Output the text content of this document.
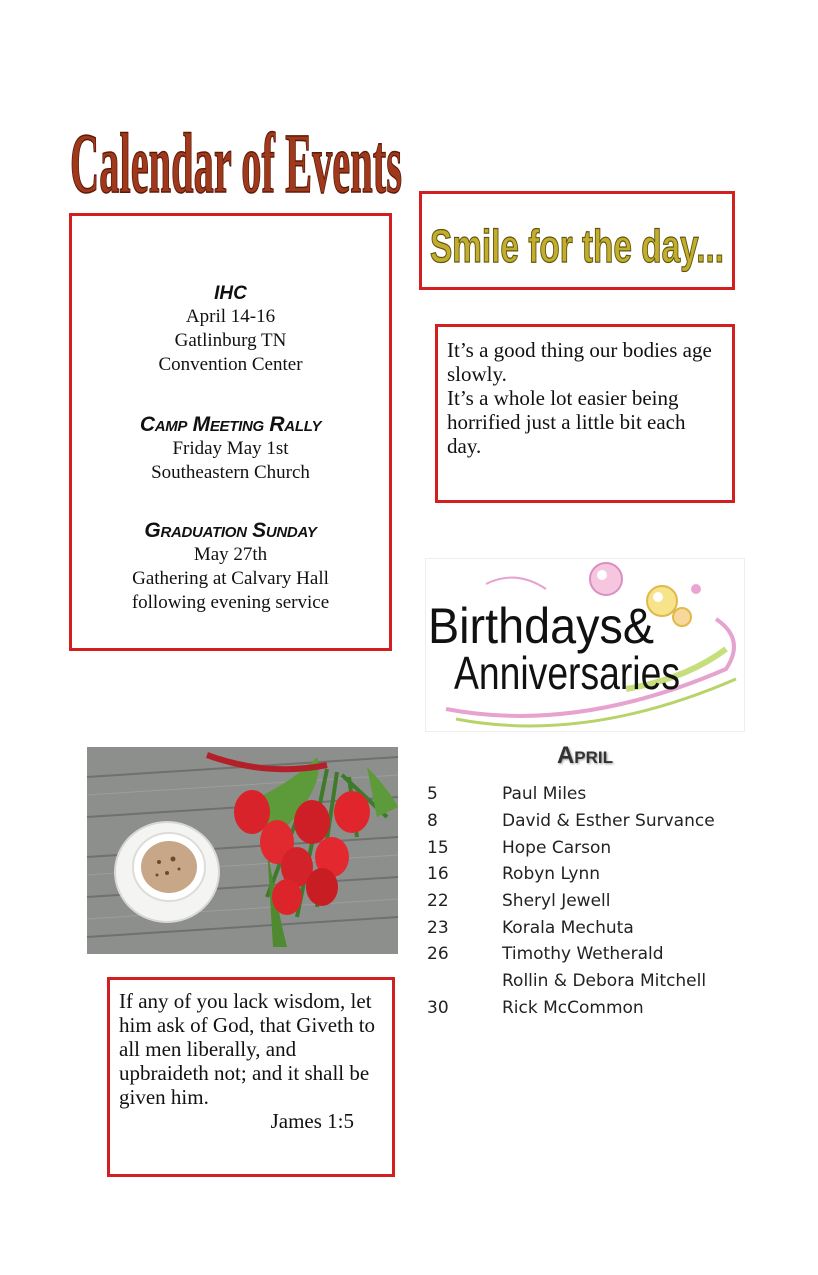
Calendar of Events

IHC

April 14-16

Gatlinburg TN

Convention Center

Camp Meeting Rally

Friday May 1st

Southeastern Church

Graduation Sunday

May 27th

Gathering at Calvary Hall

following evening service

Smile for the day...
It’s a good thing our bodies age slowly.
It’s a whole lot easier being horrified just a little bit each day.
Birthdays&
Anniversaries
April
5	Paul Miles
8	David & Esther Survance
15	Hope Carson
16	Robyn Lynn
22	Sheryl Jewell
23	Korala Mechuta
26	Timothy Wetherald
Rollin & Debora Mitchell
30	Rick McCommon
If any of you lack wisdom, let him ask of God, that Giveth to all men liberally, and upbraideth not; and it shall be given him.
James 1:5
